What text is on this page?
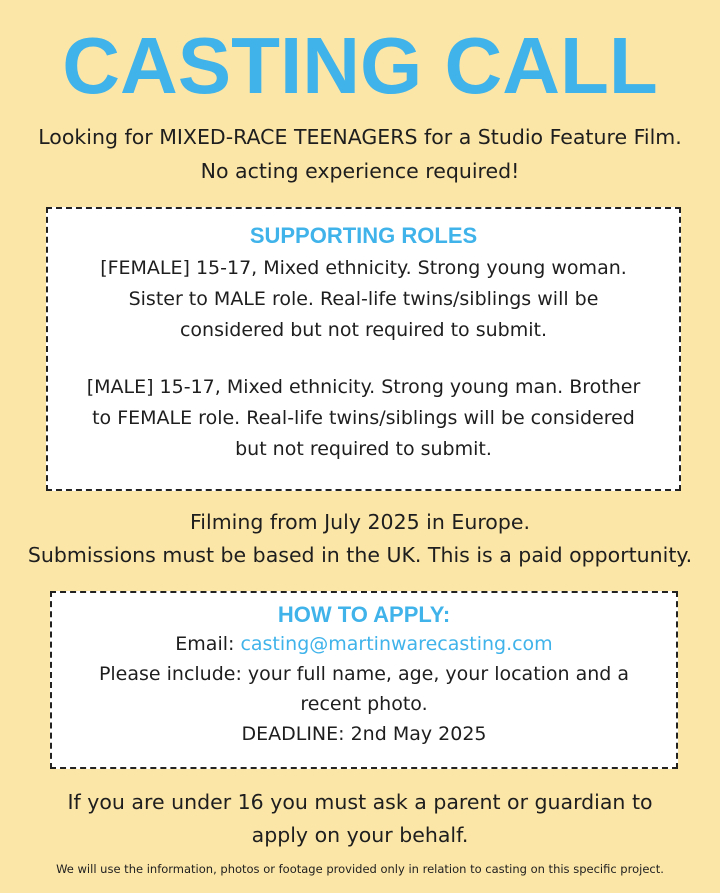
CASTING CALL
Looking for MIXED-RACE TEENAGERS for a Studio Feature Film.
No acting experience required!
SUPPORTING ROLES
[FEMALE] 15-17, Mixed ethnicity. Strong young woman.
Sister to MALE role. Real-life twins/siblings will be
considered but not required to submit.
[MALE] 15-17, Mixed ethnicity. Strong young man. Brother
to FEMALE role. Real-life twins/siblings will be considered
but not required to submit.
Filming from July 2025 in Europe.
Submissions must be based in the UK. This is a paid opportunity.
HOW TO APPLY:
Email: casting@martinwarecasting.com
Please include: your full name, age, your location and a
recent photo.
DEADLINE: 2nd May 2025
If you are under 16 you must ask a parent or guardian to
apply on your behalf.
We will use the information, photos or footage provided only in relation to casting on this specific project.
